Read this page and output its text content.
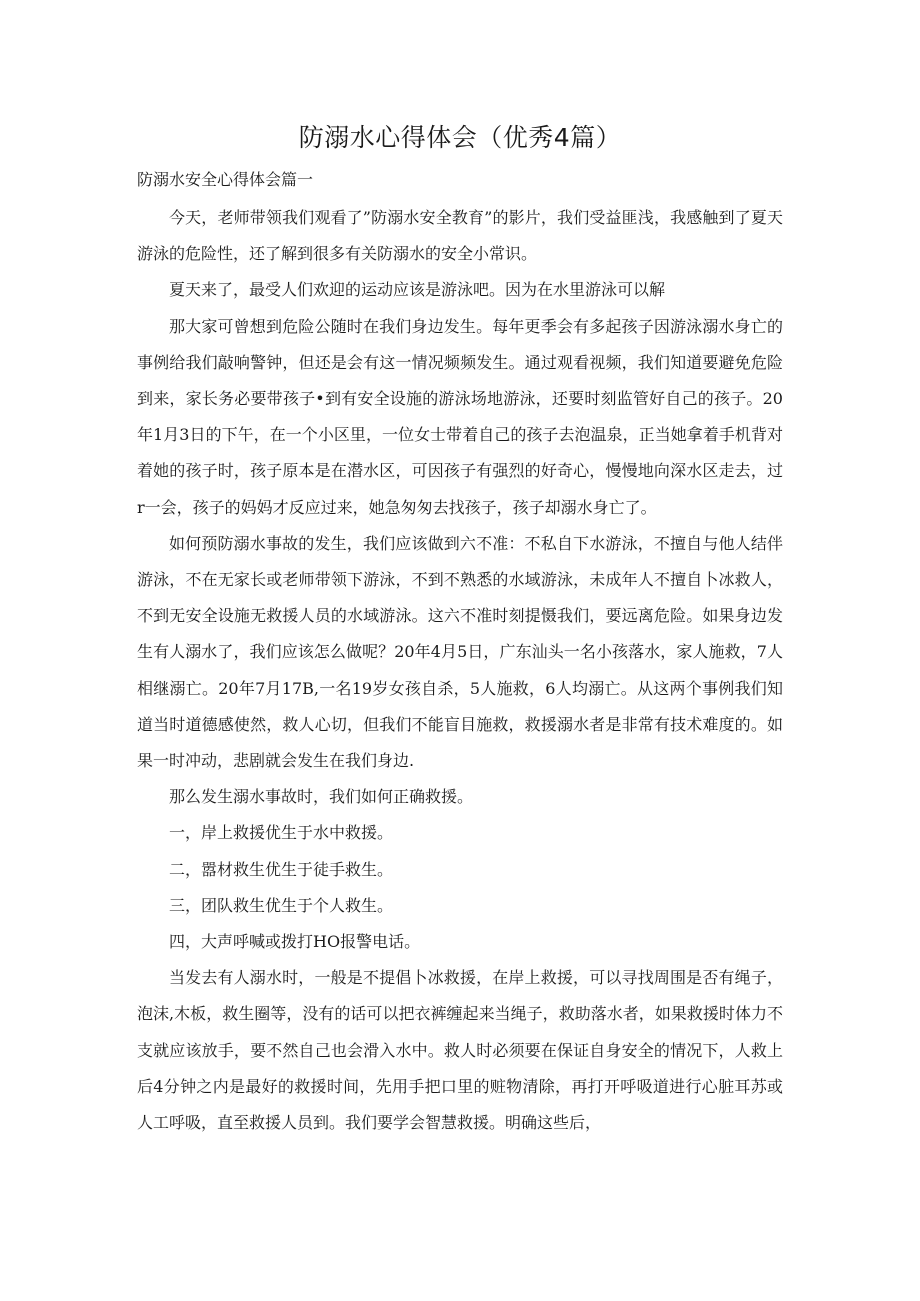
防溺水心得体会（优秀4篇）

防溺水安全心得体会篇一

今天，老师带领我们观看了”防溺水安全教育”的影片，我们受益匪浅，我感触到了夏天游泳的危险性，还了解到很多有关防溺水的安全小常识。

夏天来了，最受人们欢迎的运动应该是游泳吧。因为在水里游泳可以解

那大家可曾想到危险公随时在我们身边发生。每年更季会有多起孩子因游泳溺水身亡的事例给我们敲响警钟，但还是会有这一情况频频发生。通过观看视频，我们知道要避免危险到来，家长务必要带孩子•到有安全设施的游泳场地游泳，还要时刻监管好自己的孩子。20年1月3日的下午，在一个小区里，一位女士带着自己的孩子去泡温泉，正当她拿着手机背对着她的孩子时，孩子原本是在潜水区，可因孩子有强烈的好奇心，慢慢地向深水区走去，过r一会，孩子的妈妈才反应过来，她急匆匆去找孩子，孩子却溺水身亡了。

如何预防溺水事故的发生，我们应该做到六不准：不私自下水游泳，不擅自与他人结伴游泳，不在无家长或老师带领下游泳，不到不熟悉的水域游泳，未成年人不擅自卜冰救人，不到无安全设施无救援人员的水域游泳。这六不准时刻提慑我们，要远离危险。如果身边发生有人溺水了，我们应该怎么做呢？20年4月5日，广东汕头一名小孩落水，家人施救，7人相继溺亡。20年7月17B,一名19岁女孩自杀，5人施救，6人均溺亡。从这两个事例我们知道当时道德感使然，救人心切，但我们不能盲目施救，救援溺水者是非常有技术难度的。如果一时冲动，悲剧就会发生在我们身边.

那么发生溺水事故时，我们如何正确救援。

一，岸上救援优生于水中救援。

二，嚣材救生优生于徒手救生。

三，团队救生优生于个人救生。

四，大声呼喊或拨打HO报警电话。

当发去有人溺水时，一般是不提倡卜冰救援，在岸上救援，可以寻找周围是否有绳子，泡沫,木板，救生圈等，没有的话可以把衣裤缠起来当绳子，救助落水者，如果救援时体力不支就应该放手，要不然自己也会滑入水中。救人时必须要在保证自身安全的情况下，人救上后4分钟之内是最好的救援时间，先用手把口里的赃物清除，再打开呼吸道进行心脏耳苏或人工呼吸，直至救援人员到。我们要学会智慧救援。明确这些后，
